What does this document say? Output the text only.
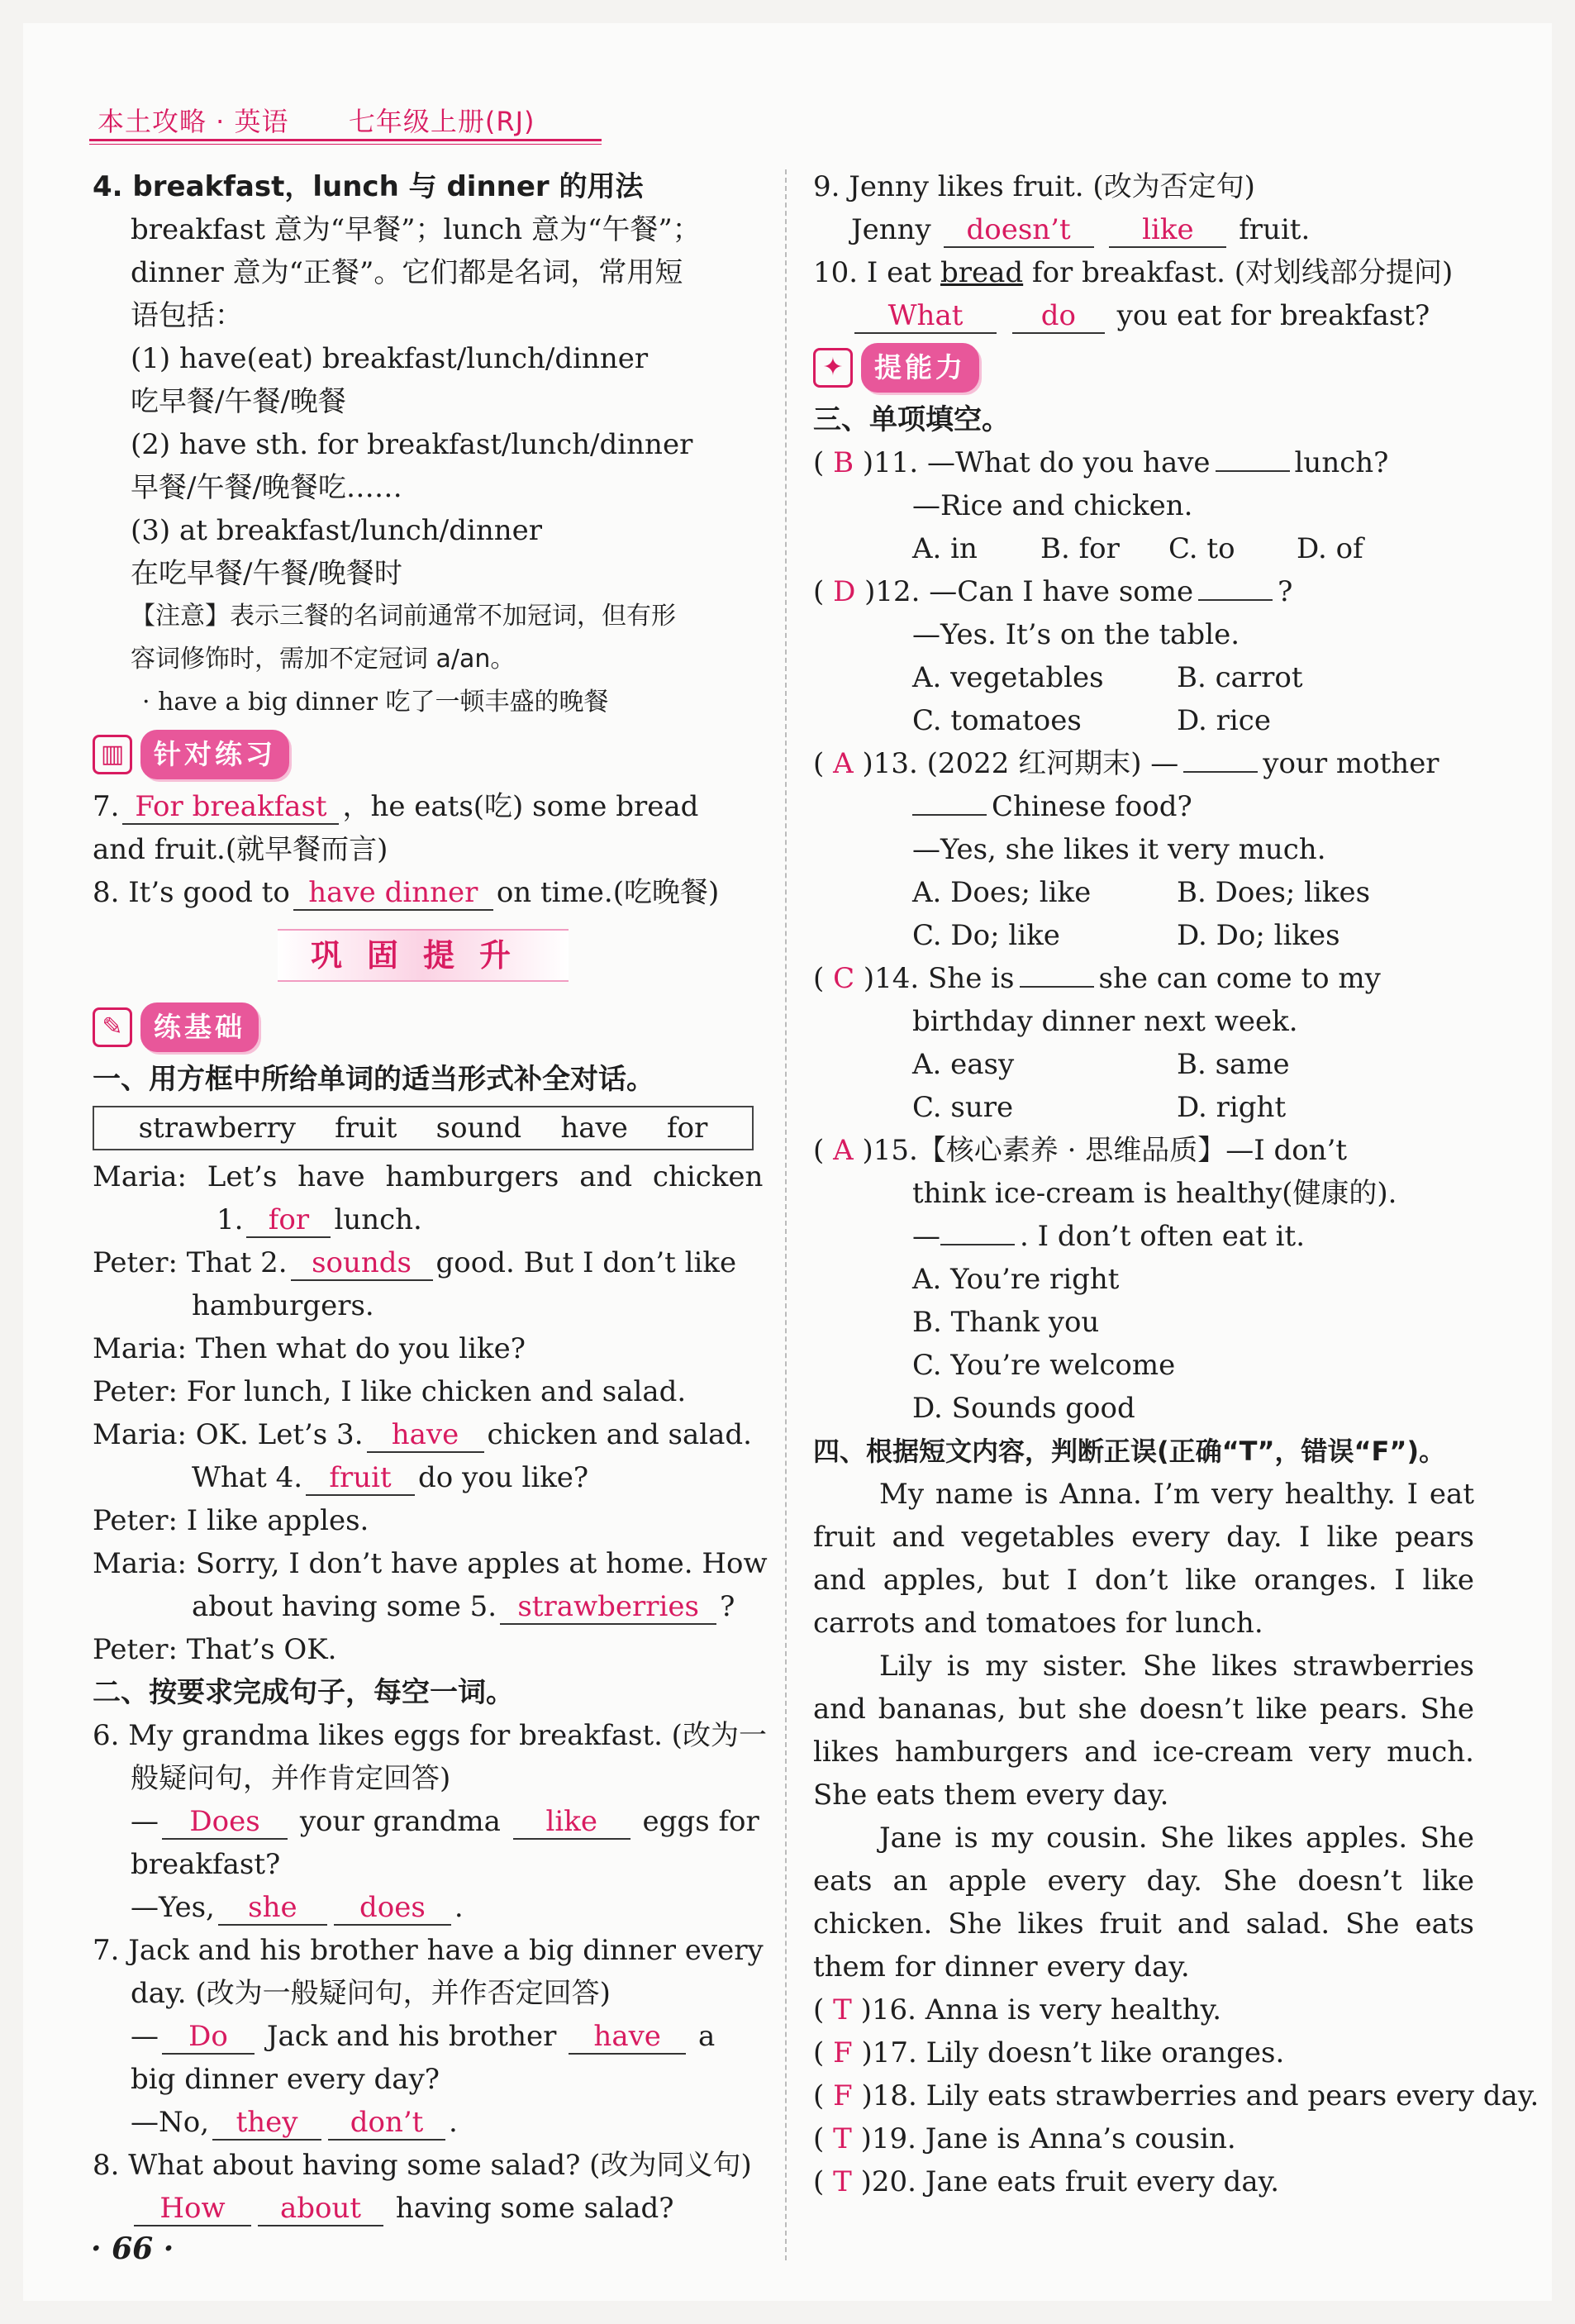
本土攻略 · 英语 七年级上册(RJ)
4. breakfast，lunch 与 dinner 的用法
breakfast 意为“早餐”；lunch 意为“午餐”；
dinner 意为“正餐”。它们都是名词，常用短
语包括：
(1) have(eat) breakfast/lunch/dinner
吃早餐/午餐/晚餐
(2) have sth. for breakfast/lunch/dinner
早餐/午餐/晚餐吃……
(3) at breakfast/lunch/dinner
在吃早餐/午餐/晚餐时
【注意】表示三餐的名词前通常不加冠词，但有形
容词修饰时，需加不定冠词 a/an。
· have a big dinner 吃了一顿丰盛的晚餐
▥	针对练习
7. For breakfast ，he eats(吃) some bread
and fruit.(就早餐而言)
8. It’s good to have dinner on time.(吃晚餐)
巩固提升
✎	练基础
一、用方框中所给单词的适当形式补全对话。
strawberry fruit sound have for
Maria: Let’s have hamburgers and chicken
1. for lunch.
Peter: That 2. sounds good. But I don’t like
hamburgers.
Maria: Then what do you like?
Peter: For lunch, I like chicken and salad.
Maria: OK. Let’s 3. have chicken and salad.
What 4. fruit do you like?
Peter: I like apples.
Maria: Sorry, I don’t have apples at home. How
about having some 5. strawberries ?
Peter: That’s OK.
二、按要求完成句子，每空一词。
6. My grandma likes eggs for breakfast. (改为一
般疑问句，并作肯定回答)
— Does your grandma like eggs for
breakfast?
—Yes, she does .
7. Jack and his brother have a big dinner every
day. (改为一般疑问句，并作否定回答)
— Do Jack and his brother have a
big dinner every day?
—No, they don’t .
8. What about having some salad? (改为同义句)
How about having some salad?
9. Jenny likes fruit. (改为否定句)
Jenny doesn’t	like fruit.
10. I eat bread for breakfast. (对划线部分提问)
What	do you eat for breakfast?
✦	提能力
三、单项填空。
( B )11. —What do you have	lunch?
—Rice and chicken.
A. in	B. for	C. to	D. of
( D )12. —Can I have some	?
—Yes. It’s on the table.
A. vegetables	B. carrot
C. tomatoes	D. rice
( A )13. (2022 红河期末) —	your mother
Chinese food?
—Yes, she likes it very much.
A. Does; like	B. Does; likes
C. Do; like	D. Do; likes
( C )14. She is	she can come to my
birthday dinner next week.
A. easy	B. same
C. sure	D. right
( A )15.【核心素养 · 思维品质】—I don’t
think ice-cream is healthy(健康的).
—	. I don’t often eat it.
A. You’re right
B. Thank you
C. You’re welcome
D. Sounds good
四、根据短文内容，判断正误(正确“T”，错误“F”)。
My name is Anna. I’m very healthy. I eat fruit and vegetables every day. I like pears and apples, but I don’t like oranges. I like carrots and tomatoes for lunch.
Lily is my sister. She likes strawberries and bananas, but she doesn’t like pears. She likes hamburgers and ice-cream very much. She eats them every day.
Jane is my cousin. She likes apples. She eats an apple every day. She doesn’t like chicken. She likes fruit and salad. She eats them for dinner every day.
( T )16. Anna is very healthy.
( F )17. Lily doesn’t like oranges.
( F )18. Lily eats strawberries and pears every day.
( T )19. Jane is Anna’s cousin.
( T )20. Jane eats fruit every day.
· 66 ·
